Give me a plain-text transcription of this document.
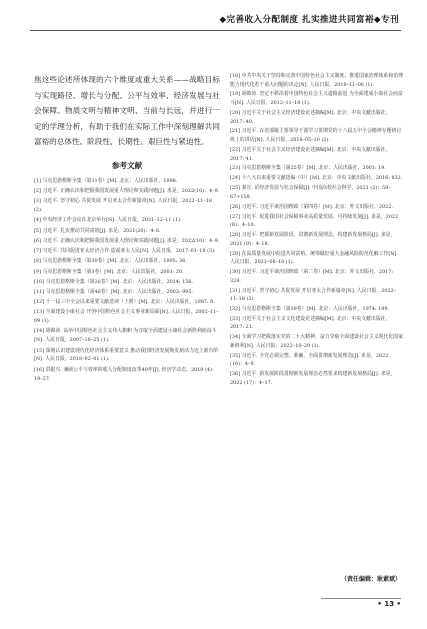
◆完善收入分配制度 扎实推进共同富裕◆专刊

焦这些论述所体现的六个维度或重大关系——战略目标与实现路径、增长与分配、公平与效率、经济发展与社会保障、物质文明与精神文明、当前与长远，并进行一定的学理分析，有助于我们在实际工作中深刻理解共同富裕的总体性、阶段性、长期性、艰巨性与紧迫性。

参考文献
[1] 马克思恩格斯全集（第31卷）[M]. 北京：人民出版社，1998.
[2] 习近平. 正确认识和把握我国发展重大理论和实践问题[J]. 求是，2022(10)：4–9.
[3] 习近平. 坚守初心 共促发展 开启亚太合作新篇章[N]. 人民日报，2022–11–18 (2).
[4] 中央经济工作会议在北京举行[N]. 人民日报，2021–12–11 (1).
[5] 习近平. 扎实推动共同富裕[J]. 求是，2021(20)：4–8.
[6] 习近平. 正确认识和把握我国发展重大理论和实践问题[J]. 求是，2022(10)：4–9.
[7] 习近平. 共同促进亚太经济合作 造福亚太人民[N]. 人民日报，2017–01–18 (3).
[8] 马克思恩格斯全集（第30卷）[M]. 北京：人民出版社，1995: 36.
[9] 马克思恩格斯全集（第3卷）[M]. 北京：人民出版社，2001: 20.
[10] 马克思恩格斯全集（第26卷）[M]. 北京：人民出版社，2014: 156.
[11] 马克思恩格斯全集（第46卷）[M]. 北京：人民出版社，2003: 995.
[12] 十一届三中全会以来重要文献选读（上册）[M]. 北京：人民出版社，1987: 8.
[13] 全面建设小康社会 开创中国特色社会主义事业新局面[N]. 人民日报，2002–11–09 (1).
[14] 胡锦涛. 高举中国特色社会主义伟大旗帜 为夺取全面建设小康社会新胜利而奋斗[N]. 人民日报，2007–10–25 (1).
[15] 深刻认识建设现代化经济体系重要意义 推动我国经济发展焕发新活力迈上新台阶[N]. 人民日报，2018–02–01 (1).
[16] 洪银兴. 兼顾公平与效率的收入分配制度改革40年[J]. 经济学动态，2018 (4)：19–27.
[18] 中共中央关于坚持和完善中国特色社会主义制度、推进国家治理体系和治理能力现代化若干重大问题的决定[N]. 人民日报，2019–11–06 (1).
[19] 胡锦涛. 坚定不移沿着中国特色社会主义道路前进 为全面建成小康社会而奋斗[N]. 人民日报，2012–11–18 (1).
[20] 习近平关于社会主义经济建设论述摘编[M]. 北京：中央文献出版社，2017: 40.
[21] 习近平. 在省部级主要领导干部学习贯彻党的十八届五中全会精神专题研讨班上的讲话[N]. 人民日报，2016–05–10 (2).
[22] 习近平关于社会主义经济建设论述摘编[M]. 北京：中央文献出版社，2017: 41.
[23] 马克思恩格斯全集（第25卷）[M]. 北京：人民出版社，2001: 19.
[24] 十八大以来重要文献选编（中）[M]. 北京：中央文献出版社，2016: 832.
[25] 秦宣. 论经济发展与社会保障[J]. 中国高校社会科学，2021 (2)：59–67+158.
[26] 习近平. 习近平谈治国理政（第四卷）[M]. 北京：外文出版社，2022.
[27] 习近平. 促进我国社会保障事业高质量发展、可持续发展[J]. 求是，2022 (8)：4–10.
[28] 习近平. 把握新发展阶段，贯彻新发展理念，构建新发展格局[J]. 求是，2021 (9)：4–18.
[29] 在高质量发展中促进共同富裕，统筹做好重大金融风险防范化解工作[N]. 人民日报，2021–08–18 (1).
[30] 习近平. 习近平谈治国理政（第二卷）[M]. 北京：外文出版社，2017: 324.
[31] 习近平. 坚守初心 共促发展 开启亚太合作新篇章[N]. 人民日报，2022–11–18 (2).
[32] 马克思恩格斯全集（第39卷）[M]. 北京：人民出版社，1974: 199.
[33] 习近平关于社会主义文化建设论述摘编[M]. 北京：中央文献出版社，2017: 21.
[34] 全面学习把握落实党的二十大精神，奋力夺取全面建设社会主义现代化国家新胜利[N]. 人民日报，2022–10–29 (1).
[35] 习近平. 全党必须完整、准确、全面贯彻新发展理念[J]. 求是，2022 (16)：4–9.
[36] 习近平. 新发展阶段贯彻新发展理念必然要求构建新发展格局[J]. 求是，2022 (17)：4–17.
（责任编辑：耿素斌）
• 13 •
